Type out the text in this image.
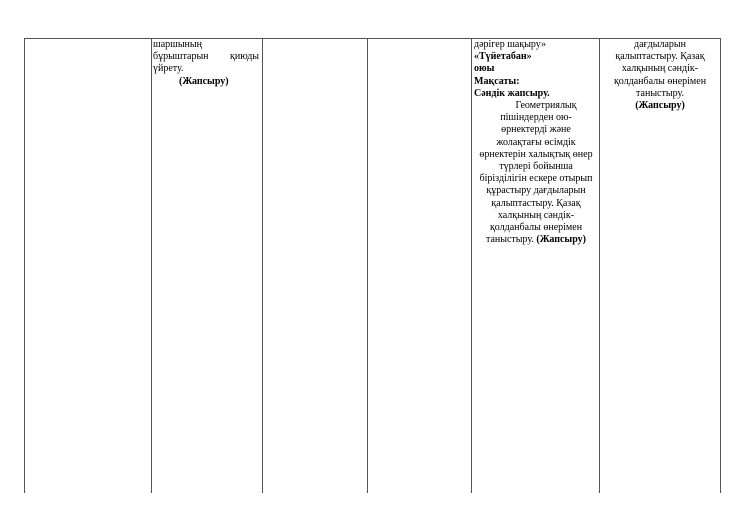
шаршының
бұрыштарын қиюды
үйрету.
(Жапсыру)
дәрігер шақыру»
«Түйетабан»
оюы
Мақсаты:
Сәндік жапсыру.
Геометриялық
пішіндерден ою-
өрнектерді және
жолақтағы өсімдік
өрнектерін халықтық өнер
түрлері бойынша
бірізділігін ескере отырып
құрастыру дағдыларын
қалыптастыру. Қазақ
халқының сәндік-
қолданбалы өнерімен
таныстыру. (Жапсыру)
дағдыларын
қалыптастыру. Қазақ
халқының сәндік-
қолданбалы өнерімен
таныстыру.
(Жапсыру)
